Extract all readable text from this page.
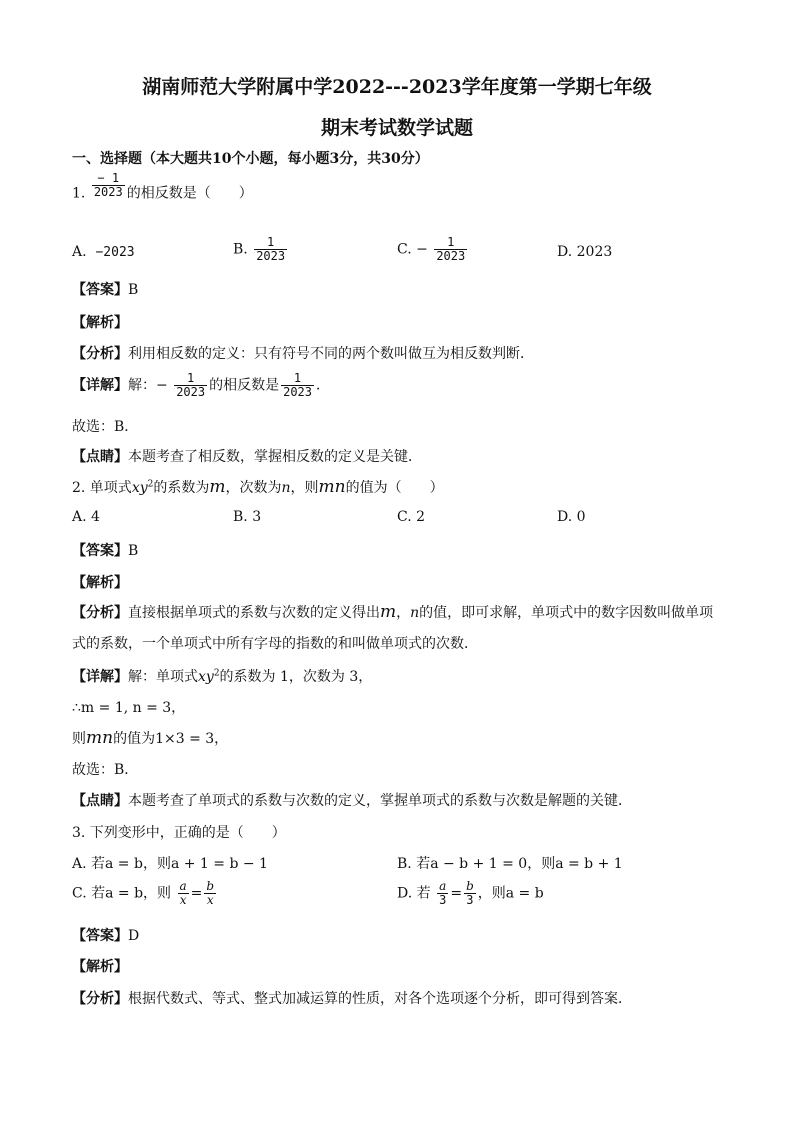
湖南师范大学附属中学2022---2023学年度第一学期七年级
期末考试数学试题
一、选择题（本大题共10个小题，每小题3分，共30分）
1. $\frac{- 1}{2023}$ 的相反数是（　　）
A. −2023	B. $\frac{1}{2023}$	C. − $\frac{1}{2023}$	D. 2023
【答案】B
【解析】
【分析】利用相反数的定义：只有符号不同的两个数叫做互为相反数判断．
【详解】解：− $\frac{1}{2023}$ 的相反数是 $\frac{1}{2023}$ ．
故选：B．
【点睛】本题考查了相反数，掌握相反数的定义是关键．
2. 单项式$xy^2$的系数为m，次数为n，则mn的值为（　　）
A. 4	B. 3	C. 2	D. 0
【答案】B
【解析】
【分析】直接根据单项式的系数与次数的定义得出m，n的值，即可求解，单项式中的数字因数叫做单项
式的系数，一个单项式中所有字母的指数的和叫做单项式的次数．
【详解】解：单项式$xy^2$的系数为 1，次数为 3，
∴m = 1, n = 3，
则mn的值为1×3 = 3，
故选：B．
【点睛】本题考查了单项式的系数与次数的定义，掌握单项式的系数与次数是解题的关键．
3. 下列变形中，正确的是（　　）
A. 若a = b，则a + 1 = b − 1	B. 若a − b + 1 = 0，则a = b + 1
C. 若a = b，则 $\frac{a}{x} = \frac{b}{x}$	D. 若 $\frac{a}{3} = \frac{b}{3}$ ，则a = b
【答案】D
【解析】
【分析】根据代数式、等式、整式加减运算的性质，对各个选项逐个分析，即可得到答案．
